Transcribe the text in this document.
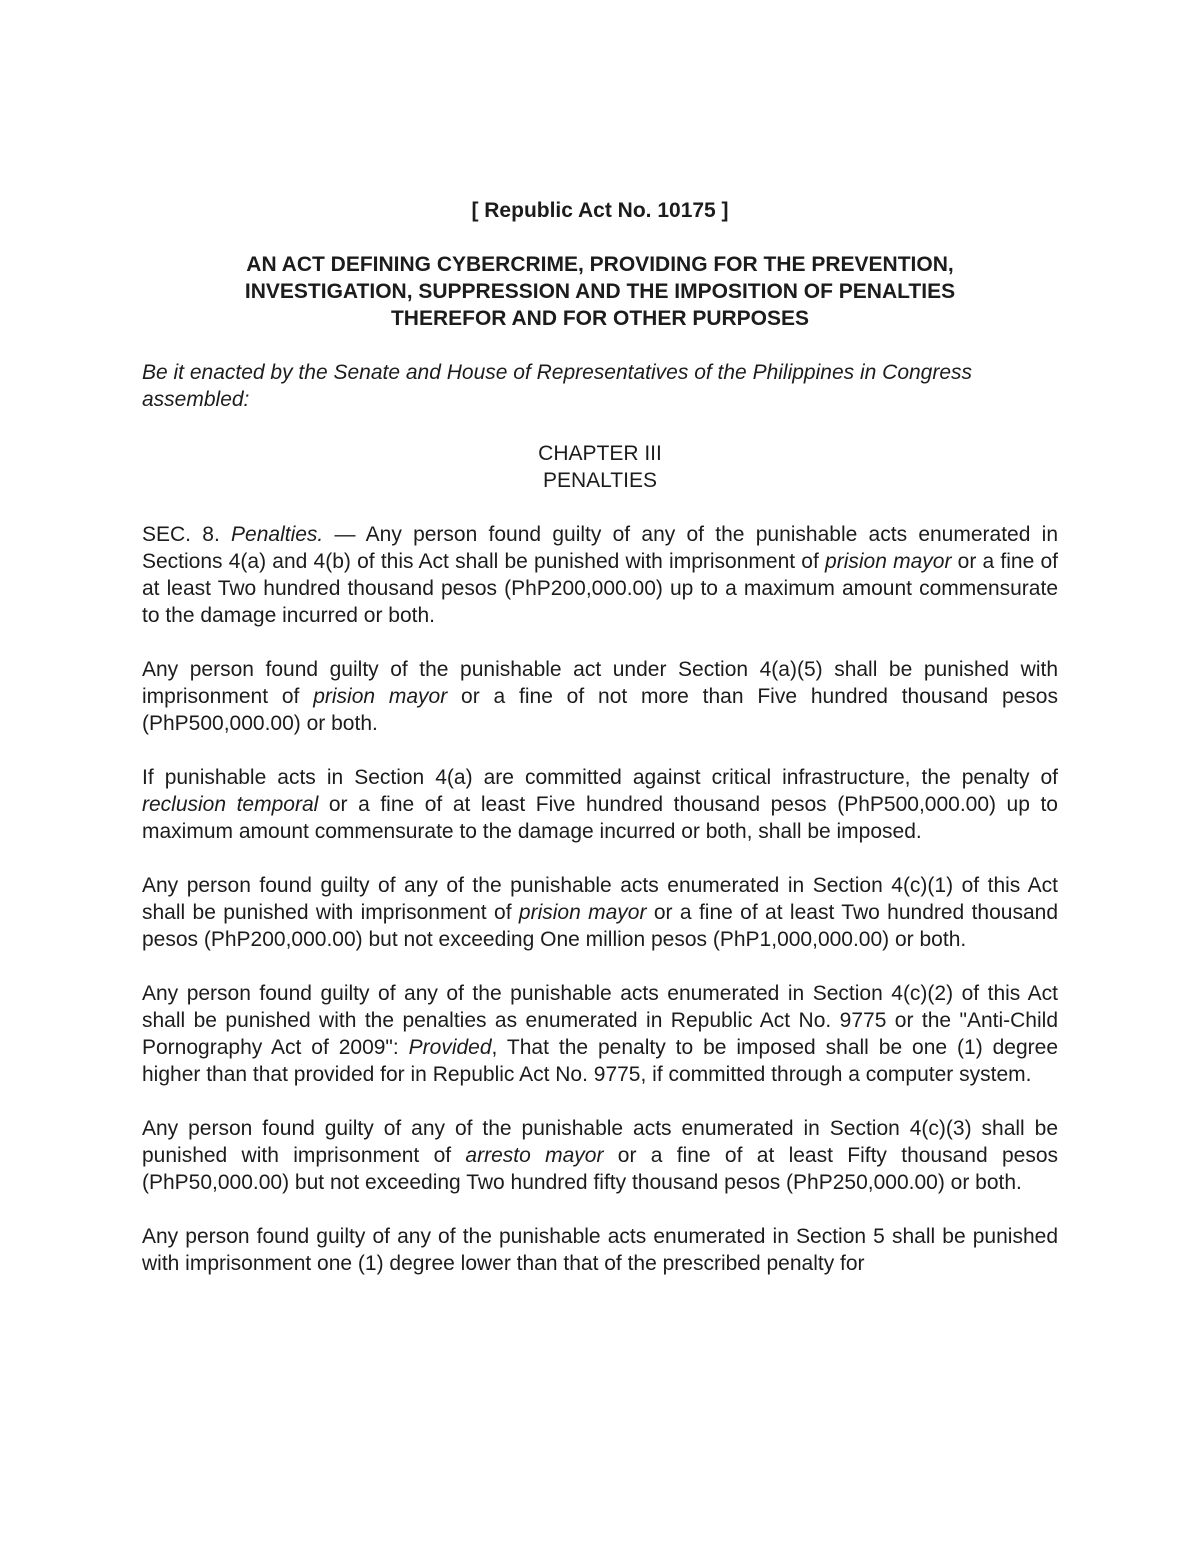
[ Republic Act No. 10175 ]

AN ACT DEFINING CYBERCRIME, PROVIDING FOR THE PREVENTION,
INVESTIGATION, SUPPRESSION AND THE IMPOSITION OF PENALTIES
THEREFOR AND FOR OTHER PURPOSES

Be it enacted by the Senate and House of Representatives of the Philippines in Congress assembled:

CHAPTER III
PENALTIES

SEC. 8. Penalties. — Any person found guilty of any of the punishable acts enumerated in Sections 4(a) and 4(b) of this Act shall be punished with imprisonment of prision mayor or a fine of at least Two hundred thousand pesos (PhP200,000.00) up to a maximum amount commensurate to the damage incurred or both.

Any person found guilty of the punishable act under Section 4(a)(5) shall be punished with imprisonment of prision mayor or a fine of not more than Five hundred thousand pesos (PhP500,000.00) or both.

If punishable acts in Section 4(a) are committed against critical infrastructure, the penalty of reclusion temporal or a fine of at least Five hundred thousand pesos (PhP500,000.00) up to maximum amount commensurate to the damage incurred or both, shall be imposed.

Any person found guilty of any of the punishable acts enumerated in Section 4(c)(1) of this Act shall be punished with imprisonment of prision mayor or a fine of at least Two hundred thousand pesos (PhP200,000.00) but not exceeding One million pesos (PhP1,000,000.00) or both.

Any person found guilty of any of the punishable acts enumerated in Section 4(c)(2) of this Act shall be punished with the penalties as enumerated in Republic Act No. 9775 or the "Anti-Child Pornography Act of 2009": Provided, That the penalty to be imposed shall be one (1) degree higher than that provided for in Republic Act No. 9775, if committed through a computer system.

Any person found guilty of any of the punishable acts enumerated in Section 4(c)(3) shall be punished with imprisonment of arresto mayor or a fine of at least Fifty thousand pesos (PhP50,000.00) but not exceeding Two hundred fifty thousand pesos (PhP250,000.00) or both.

Any person found guilty of any of the punishable acts enumerated in Section 5 shall be punished with imprisonment one (1) degree lower than that of the prescribed penalty for
